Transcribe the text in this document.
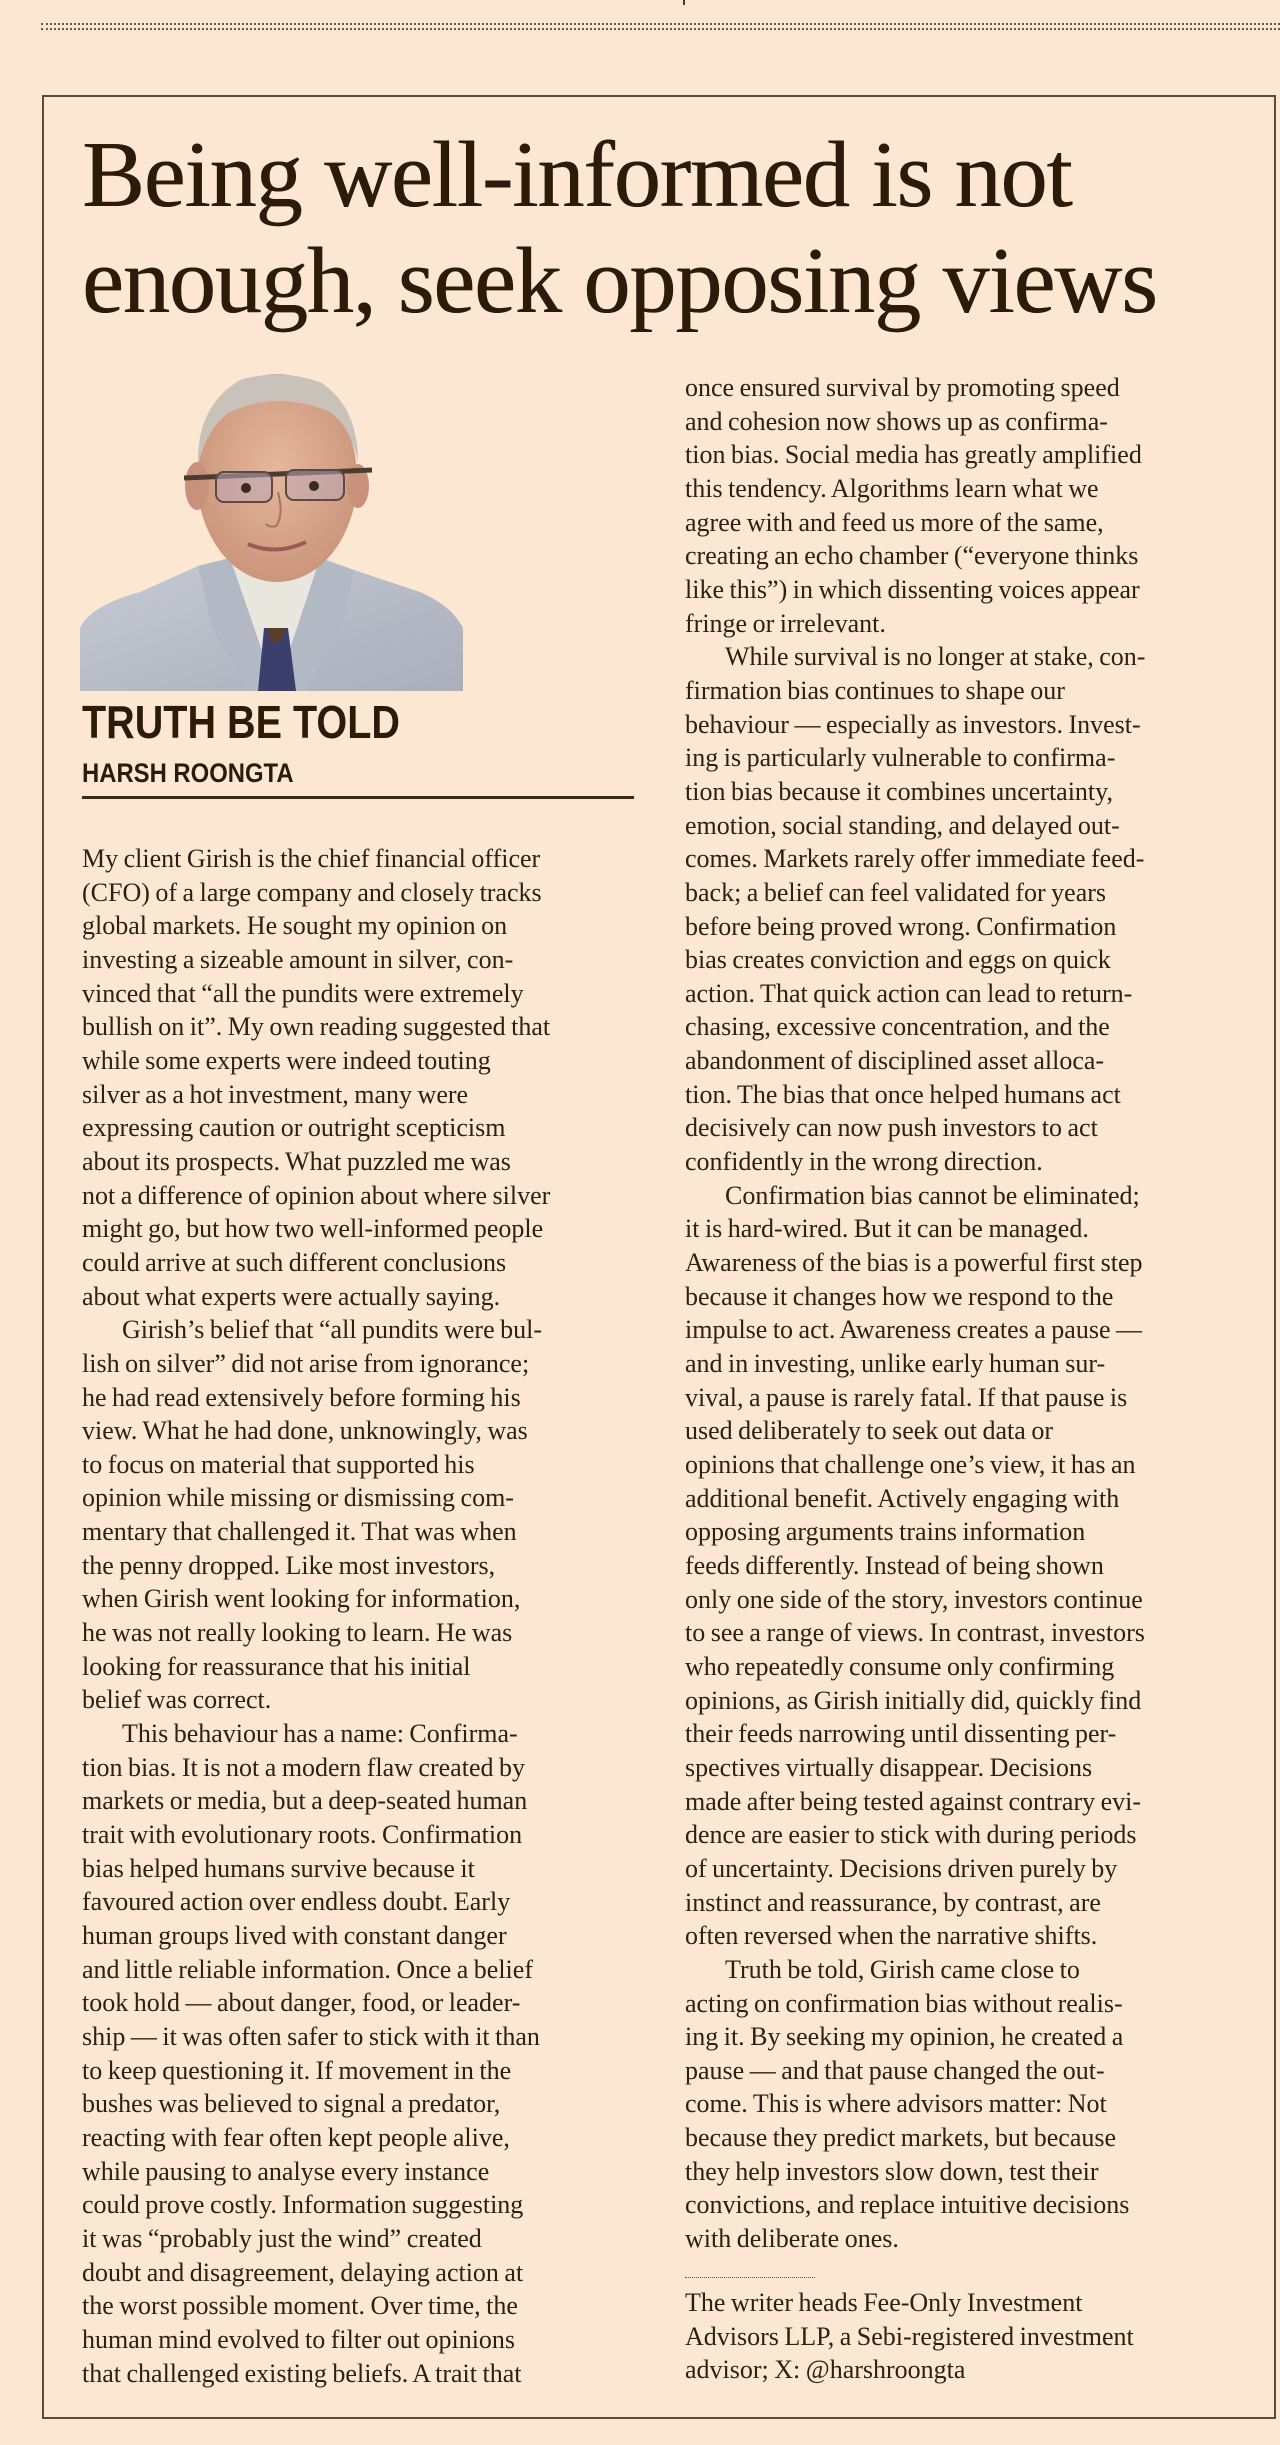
Being well-informed is not
enough, seek opposing views
TRUTH BE TOLD
HARSH ROONGTA
My client Girish is the chief financial officer
(CFO) of a large company and closely tracks
global markets. He sought my opinion on
investing a sizeable amount in silver, con-
vinced that “all the pundits were extremely
bullish on it”. My own reading suggested that
while some experts were indeed touting
silver as a hot investment, many were
expressing caution or outright scepticism
about its prospects. What puzzled me was
not a difference of opinion about where silver
might go, but how two well-informed people
could arrive at such different conclusions
about what experts were actually saying.
Girish’s belief that “all pundits were bul-
lish on silver” did not arise from ignorance;
he had read extensively before forming his
view. What he had done, unknowingly, was
to focus on material that supported his
opinion while missing or dismissing com-
mentary that challenged it. That was when
the penny dropped. Like most investors,
when Girish went looking for information,
he was not really looking to learn. He was
looking for reassurance that his initial
belief was correct.
This behaviour has a name: Confirma-
tion bias. It is not a modern flaw created by
markets or media, but a deep-seated human
trait with evolutionary roots. Confirmation
bias helped humans survive because it
favoured action over endless doubt. Early
human groups lived with constant danger
and little reliable information. Once a belief
took hold — about danger, food, or leader-
ship — it was often safer to stick with it than
to keep questioning it. If movement in the
bushes was believed to signal a predator,
reacting with fear often kept people alive,
while pausing to analyse every instance
could prove costly. Information suggesting
it was “probably just the wind” created
doubt and disagreement, delaying action at
the worst possible moment. Over time, the
human mind evolved to filter out opinions
that challenged existing beliefs. A trait that
once ensured survival by promoting speed
and cohesion now shows up as confirma-
tion bias. Social media has greatly amplified
this tendency. Algorithms learn what we
agree with and feed us more of the same,
creating an echo chamber (“everyone thinks
like this”) in which dissenting voices appear
fringe or irrelevant.
While survival is no longer at stake, con-
firmation bias continues to shape our
behaviour — especially as investors. Invest-
ing is particularly vulnerable to confirma-
tion bias because it combines uncertainty,
emotion, social standing, and delayed out-
comes. Markets rarely offer immediate feed-
back; a belief can feel validated for years
before being proved wrong. Confirmation
bias creates conviction and eggs on quick
action. That quick action can lead to return-
chasing, excessive concentration, and the
abandonment of disciplined asset alloca-
tion. The bias that once helped humans act
decisively can now push investors to act
confidently in the wrong direction.
Confirmation bias cannot be eliminated;
it is hard-wired. But it can be managed.
Awareness of the bias is a powerful first step
because it changes how we respond to the
impulse to act. Awareness creates a pause —
and in investing, unlike early human sur-
vival, a pause is rarely fatal. If that pause is
used deliberately to seek out data or
opinions that challenge one’s view, it has an
additional benefit. Actively engaging with
opposing arguments trains information
feeds differently. Instead of being shown
only one side of the story, investors continue
to see a range of views. In contrast, investors
who repeatedly consume only confirming
opinions, as Girish initially did, quickly find
their feeds narrowing until dissenting per-
spectives virtually disappear. Decisions
made after being tested against contrary evi-
dence are easier to stick with during periods
of uncertainty. Decisions driven purely by
instinct and reassurance, by contrast, are
often reversed when the narrative shifts.
Truth be told, Girish came close to
acting on confirmation bias without realis-
ing it. By seeking my opinion, he created a
pause — and that pause changed the out-
come. This is where advisors matter: Not
because they predict markets, but because
they help investors slow down, test their
convictions, and replace intuitive decisions
with deliberate ones.
The writer heads Fee-Only Investment
Advisors LLP, a Sebi-registered investment
advisor; X: @harshroongta
